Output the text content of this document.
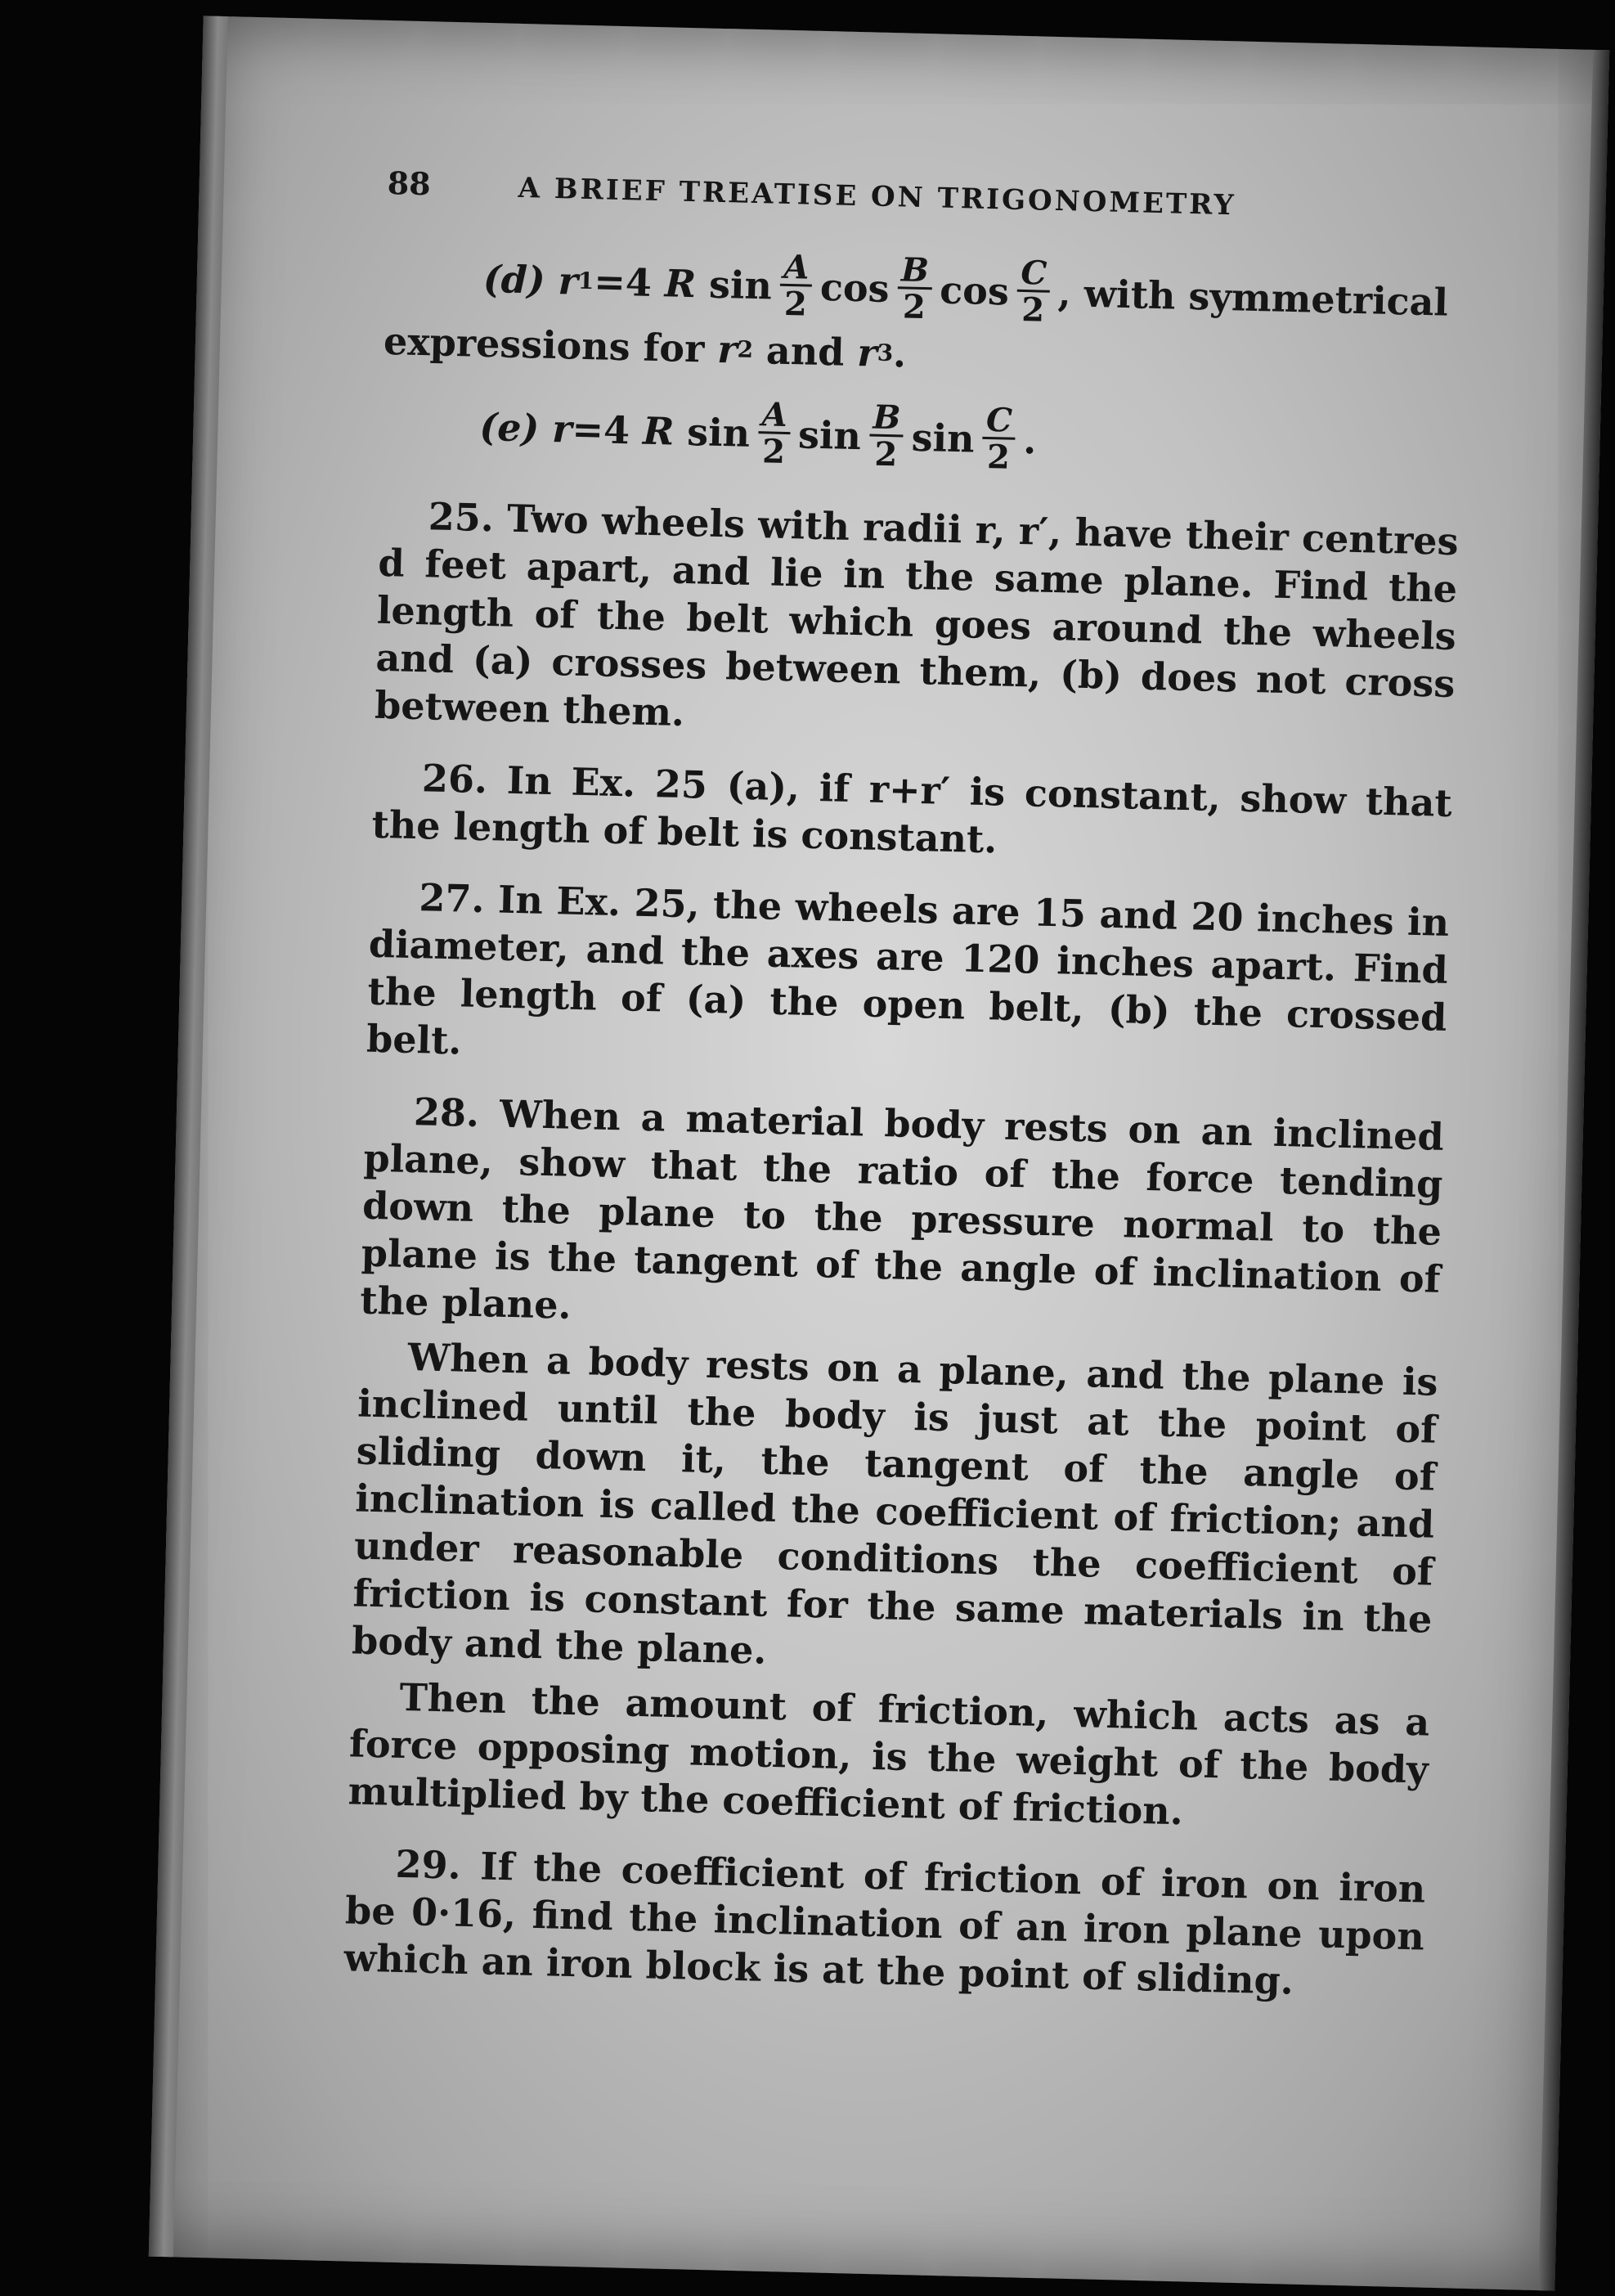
88	A BRIEF TREATISE ON TRIGONOMETRY
(d) r
1
=4 R $\sin \frac{A}{2}$ $\cos \frac{B}{2}$ $\cos \frac{C}{2}$ , with symmetrical
expressions for r
2 and r
3
.
(e) r
=4 R $\sin \frac{A}{2}$ $\sin \frac{B}{2}$ $\sin \frac{C}{2}$ .

25. Two wheels with radii r, r′, have their centres d feet apart, and lie in the same plane. Find the length of the belt which goes around the wheels and (a) crosses between them, (b) does not cross between them.

26. In Ex. 25 (a), if r+r′ is constant, show that the length of belt is constant.

27. In Ex. 25, the wheels are 15 and 20 inches in diameter, and the axes are 120 inches apart. Find the length of (a) the open belt, (b) the crossed belt.

28. When a material body rests on an inclined plane, show that the ratio of the force tending down the plane to the pressure normal to the plane is the tangent of the angle of inclination of the plane.

When a body rests on a plane, and the plane is inclined until the body is just at the point of sliding down it, the tangent of the angle of inclination is called the coefficient of friction; and under reasonable conditions the coefficient of friction is constant for the same materials in the body and the plane.

Then the amount of friction, which acts as a force opposing motion, is the weight of the body multiplied by the coefficient of friction.

29. If the coefficient of friction of iron on iron be 0·16, find the inclination of an iron plane upon which an iron block is at the point of sliding.
